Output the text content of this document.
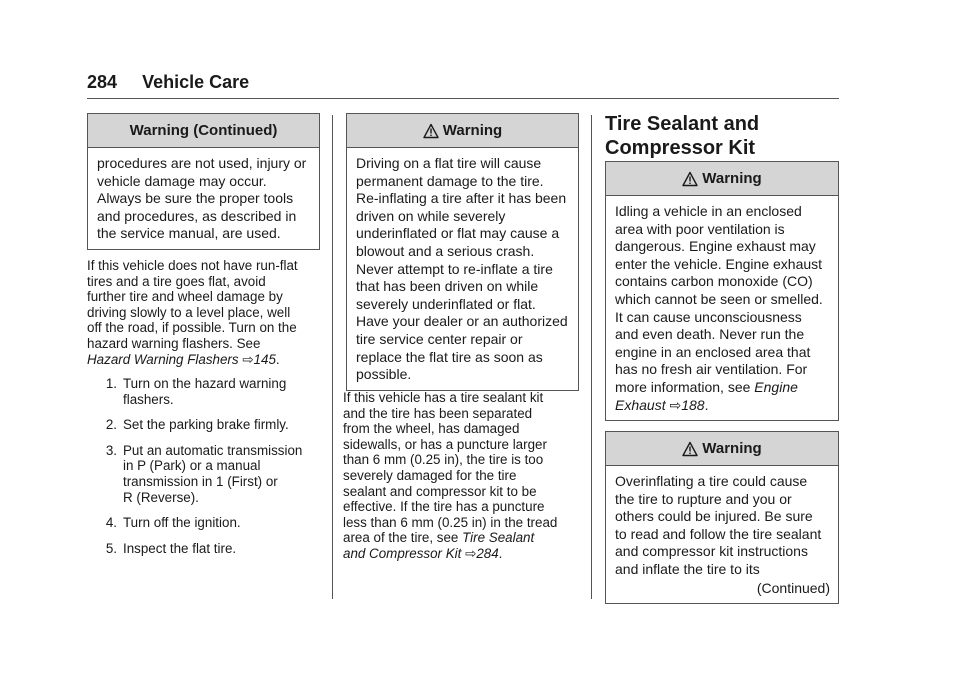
284 Vehicle Care
Warning (Continued)
procedures are not used, injury or
vehicle damage may occur.
Always be sure the proper tools
and procedures, as described in
the service manual, are used.
If this vehicle does not have run-flat
tires and a tire goes flat, avoid
further tire and wheel damage by
driving slowly to a level place, well
off the road, if possible. Turn on the
hazard warning flashers. See
Hazard Warning Flashers ⇨145.
1. Turn on the hazard warning
flashers.
2. Set the parking brake firmly.
3. Put an automatic transmission
in P (Park) or a manual
transmission in 1 (First) or
R (Reverse).
4. Turn off the ignition.
5. Inspect the flat tire.
Warning
Driving on a flat tire will cause
permanent damage to the tire.
Re-inflating a tire after it has been
driven on while severely
underinflated or flat may cause a
blowout and a serious crash.
Never attempt to re-inflate a tire
that has been driven on while
severely underinflated or flat.
Have your dealer or an authorized
tire service center repair or
replace the flat tire as soon as
possible.
If this vehicle has a tire sealant kit
and the tire has been separated
from the wheel, has damaged
sidewalls, or has a puncture larger
than 6 mm (0.25 in), the tire is too
severely damaged for the tire
sealant and compressor kit to be
effective. If the tire has a puncture
less than 6 mm (0.25 in) in the tread
area of the tire, see Tire Sealant
and Compressor Kit ⇨284.
Tire Sealant and
Compressor Kit
Warning
Idling a vehicle in an enclosed
area with poor ventilation is
dangerous. Engine exhaust may
enter the vehicle. Engine exhaust
contains carbon monoxide (CO)
which cannot be seen or smelled.
It can cause unconsciousness
and even death. Never run the
engine in an enclosed area that
has no fresh air ventilation. For
more information, see Engine
Exhaust ⇨188.
Warning
Overinflating a tire could cause
the tire to rupture and you or
others could be injured. Be sure
to read and follow the tire sealant
and compressor kit instructions
and inflate the tire to its
(Continued)
